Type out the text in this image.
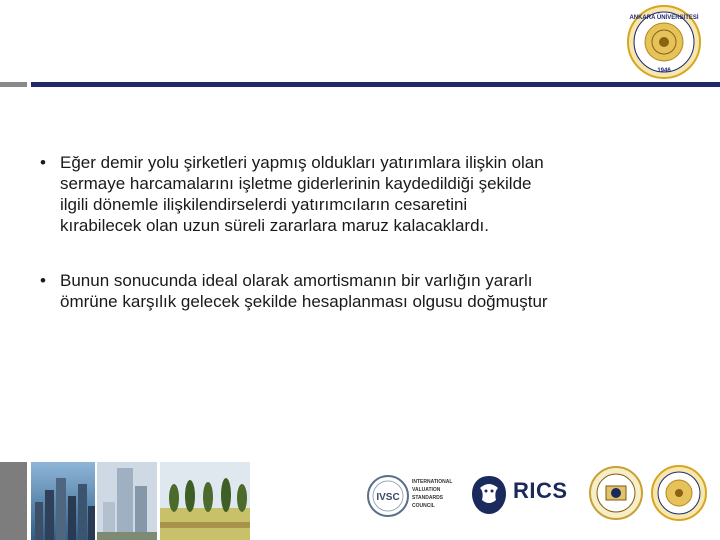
ANKARA ÜNİVERSİTESİ
1946
• Eğer demir yolu şirketleri yapmış oldukları yatırımlara ilişkin olan
sermaye harcamalarını işletme giderlerinin kaydedildiği şekilde
ilgili dönemle ilişkilendirselerdi yatırımcıların cesaretini
kırabilecek olan uzun süreli zararlara maruz kalacaklardı.
• Bunun sonucunda ideal olarak amortismanın bir varlığın yararlı
ömrüne karşılık gelecek şekilde hesaplanması olgusu doğmuştur
IVSC
INTERNATIONAL
VALUATION
STANDARDS
COUNCIL
RICS
